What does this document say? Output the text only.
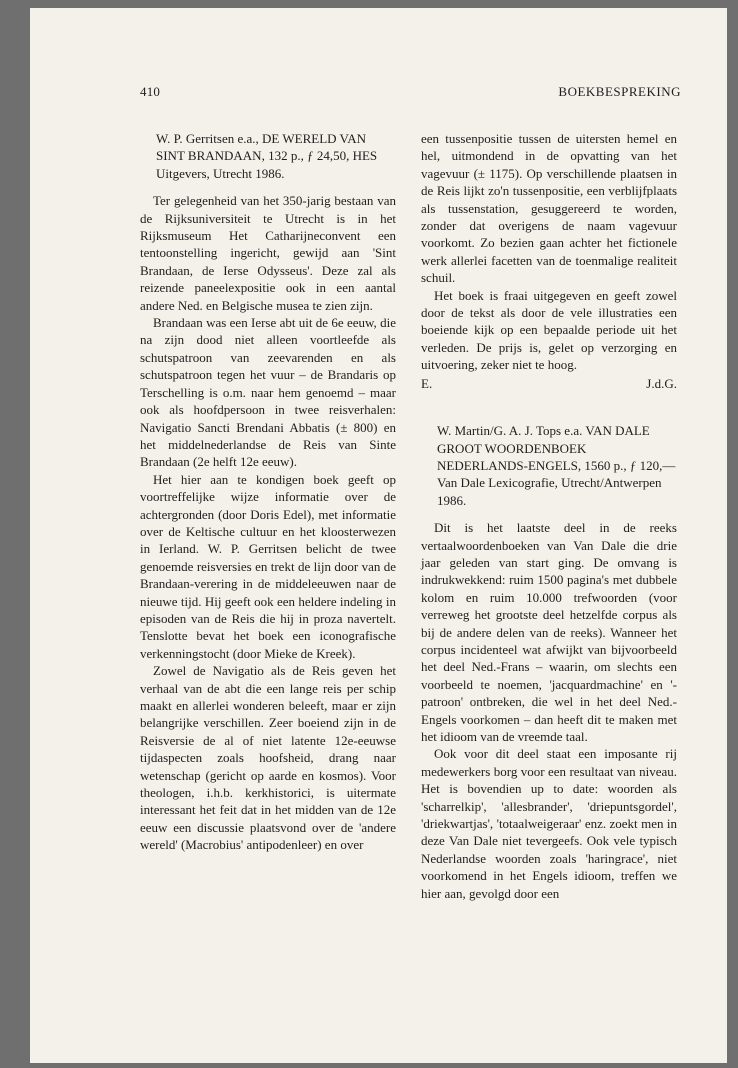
410	BOEKBESPREKING

W. P. Gerritsen e.a., DE WERELD VAN SINT BRANDAAN, 132 p., ƒ 24,50, HES Uitgevers, Utrecht 1986.

Ter gelegenheid van het 350-jarig bestaan van de Rijksuniversiteit te Utrecht is in het Rijksmuseum Het Catharijneconvent een tentoonstelling ingericht, gewijd aan 'Sint Brandaan, de Ierse Odysseus'. Deze zal als reizende paneelexpositie ook in een aantal andere Ned. en Belgische musea te zien zijn.

Brandaan was een Ierse abt uit de 6e eeuw, die na zijn dood niet alleen voortleefde als schutspatroon van zeevarenden en als schutspatroon tegen het vuur – de Brandaris op Terschelling is o.m. naar hem genoemd – maar ook als hoofdpersoon in twee reisverhalen: Navigatio Sancti Brendani Abbatis (± 800) en het middelnederlandse de Reis van Sinte Brandaan (2e helft 12e eeuw).

Het hier aan te kondigen boek geeft op voortreffelijke wijze informatie over de achtergronden (door Doris Edel), met informatie over de Keltische cultuur en het kloosterwezen in Ierland. W. P. Gerritsen belicht de twee genoemde reisversies en trekt de lijn door van de Brandaan-verering in de middeleeuwen naar de nieuwe tijd. Hij geeft ook een heldere indeling in episoden van de Reis die hij in proza navertelt. Tenslotte bevat het boek een iconografische verkenningstocht (door Mieke de Kreek).

Zowel de Navigatio als de Reis geven het verhaal van de abt die een lange reis per schip maakt en allerlei wonderen beleeft, maar er zijn belangrijke verschillen. Zeer boeiend zijn in de Reisversie de al of niet latente 12e-eeuwse tijdaspecten zoals hoofsheid, drang naar wetenschap (gericht op aarde en kosmos). Voor theologen, i.h.b. kerkhistorici, is uitermate interessant het feit dat in het midden van de 12e eeuw een discussie plaatsvond over de 'andere wereld' (Macrobius' antipodenleer) en over

een tussenpositie tussen de uitersten hemel en hel, uitmondend in de opvatting van het vagevuur (± 1175). Op verschillende plaatsen in de Reis lijkt zo'n tussenpositie, een verblijfplaats als tussenstation, gesuggereerd te worden, zonder dat overigens de naam vagevuur voorkomt. Zo bezien gaan achter het fictionele werk allerlei facetten van de toenmalige realiteit schuil.

Het boek is fraai uitgegeven en geeft zowel door de tekst als door de vele illustraties een boeiende kijk op een bepaalde periode uit het verleden. De prijs is, gelet op verzorging en uitvoering, zeker niet te hoog.

E.	J.d.G.

W. Martin/G. A. J. Tops e.a. VAN DALE GROOT WOORDENBOEK NEDERLANDS-ENGELS, 1560 p., ƒ 120,— Van Dale Lexicografie, Utrecht/Antwerpen 1986.

Dit is het laatste deel in de reeks vertaalwoordenboeken van Van Dale die drie jaar geleden van start ging. De omvang is indrukwekkend: ruim 1500 pagina's met dubbele kolom en ruim 10.000 trefwoorden (voor verreweg het grootste deel hetzelfde corpus als bij de andere delen van de reeks). Wanneer het corpus incidenteel wat afwijkt van bijvoorbeeld het deel Ned.-Frans – waarin, om slechts een voorbeeld te noemen, 'jacquardmachine' en '-patroon' ontbreken, die wel in het deel Ned.-Engels voorkomen – dan heeft dit te maken met het idioom van de vreemde taal.

Ook voor dit deel staat een imposante rij medewerkers borg voor een resultaat van niveau. Het is bovendien up to date: woorden als 'scharrelkip', 'allesbrander', 'driepuntsgordel', 'driekwartjas', 'totaalweigeraar' enz. zoekt men in deze Van Dale niet tevergeefs. Ook vele typisch Nederlandse woorden zoals 'haringrace', niet voorkomend in het Engels idioom, treffen we hier aan, gevolgd door een
